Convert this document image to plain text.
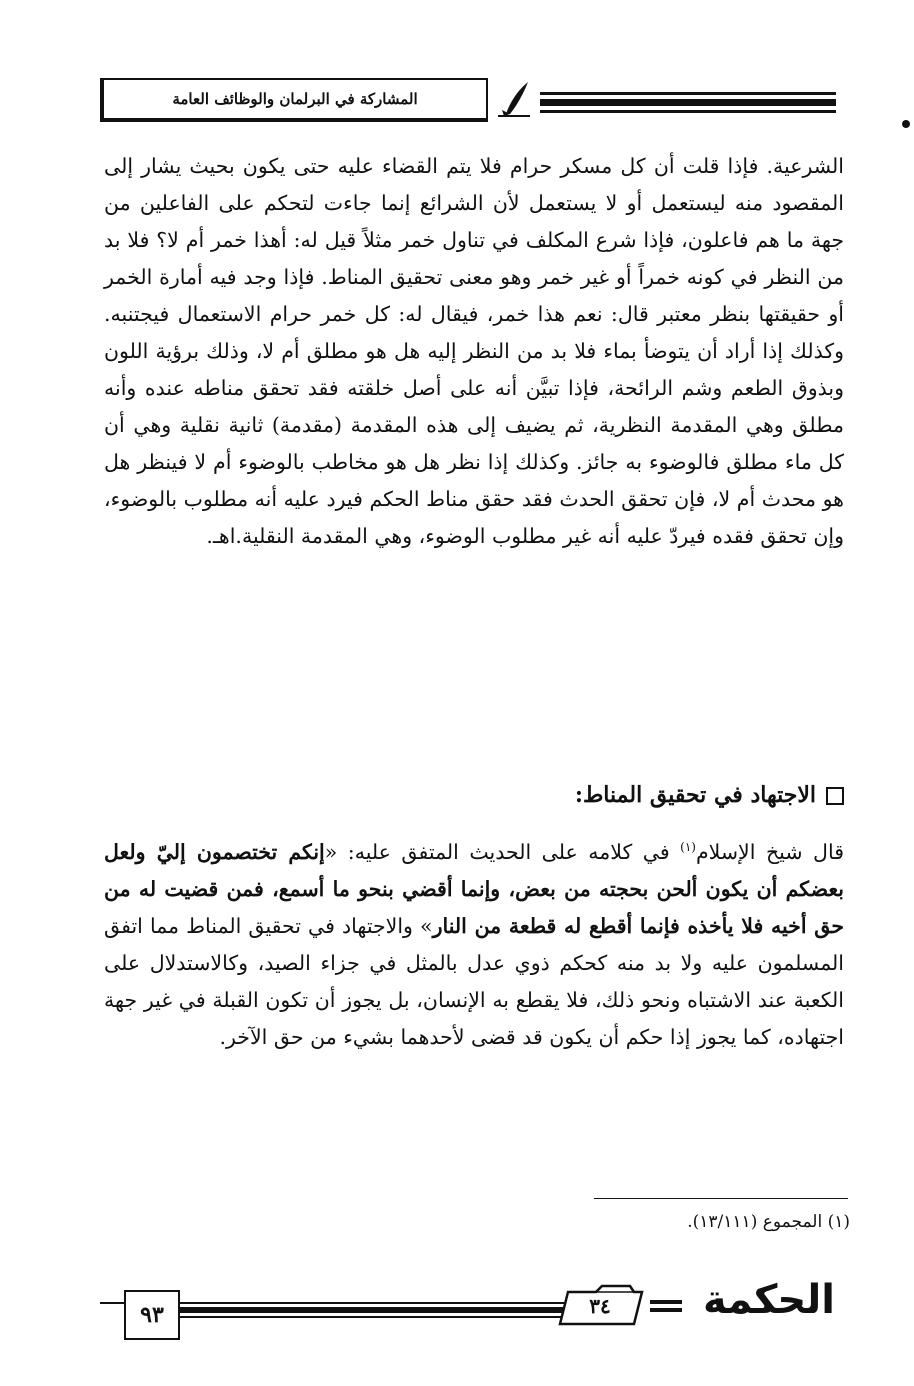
المشاركة في البرلمان والوظائف العامة

الشرعية. فإذا قلت أن كل مسكر حرام فلا يتم القضاء عليه حتى يكون بحيث يشار إلى المقصود منه ليستعمل أو لا يستعمل لأن الشرائع إنما جاءت لتحكم على الفاعلين من جهة ما هم فاعلون، فإذا شرع المكلف في تناول خمر مثلاً قيل له: أهذا خمر أم لا؟ فلا بد من النظر في كونه خمراً أو غير خمر وهو معنى تحقيق المناط. فإذا وجد فيه أمارة الخمر أو حقيقتها بنظر معتبر قال: نعم هذا خمر، فيقال له: كل خمر حرام الاستعمال فيجتنبه. وكذلك إذا أراد أن يتوضأ بماء فلا بد من النظر إليه هل هو مطلق أم لا، وذلك برؤية اللون وبذوق الطعم وشم الرائحة، فإذا تبيَّن أنه على أصل خلقته فقد تحقق مناطه عنده وأنه مطلق وهي المقدمة النظرية، ثم يضيف إلى هذه المقدمة (مقدمة) ثانية نقلية وهي أن كل ماء مطلق فالوضوء به جائز. وكذلك إذا نظر هل هو مخاطب بالوضوء أم لا فينظر هل هو محدث أم لا، فإن تحقق الحدث فقد حقق مناط الحكم فيرد عليه أنه مطلوب بالوضوء، وإن تحقق فقده فيردّ عليه أنه غير مطلوب الوضوء، وهي المقدمة النقلية.اهـ.

الاجتهاد في تحقيق المناط:

قال شيخ الإسلام$^{(١)}$ في كلامه على الحديث المتفق عليه: «إنكم تختصمون إليّ ولعل بعضكم أن يكون ألحن بحجته من بعض، وإنما أقضي بنحو ما أسمع، فمن قضيت له من حق أخيه فلا يأخذه فإنما أقطع له قطعة من النار» والاجتهاد في تحقيق المناط مما اتفق المسلمون عليه ولا بد منه كحكم ذوي عدل بالمثل في جزاء الصيد، وكالاستدلال على الكعبة عند الاشتباه ونحو ذلك، فلا يقطع به الإنسان، بل يجوز أن تكون القبلة في غير جهة اجتهاده، كما يجوز إذا حكم أن يكون قد قضى لأحدهما بشيء من حق الآخر.

(١) المجموع (١٣/١١١).
٩٣	٣٤	الحكمة
